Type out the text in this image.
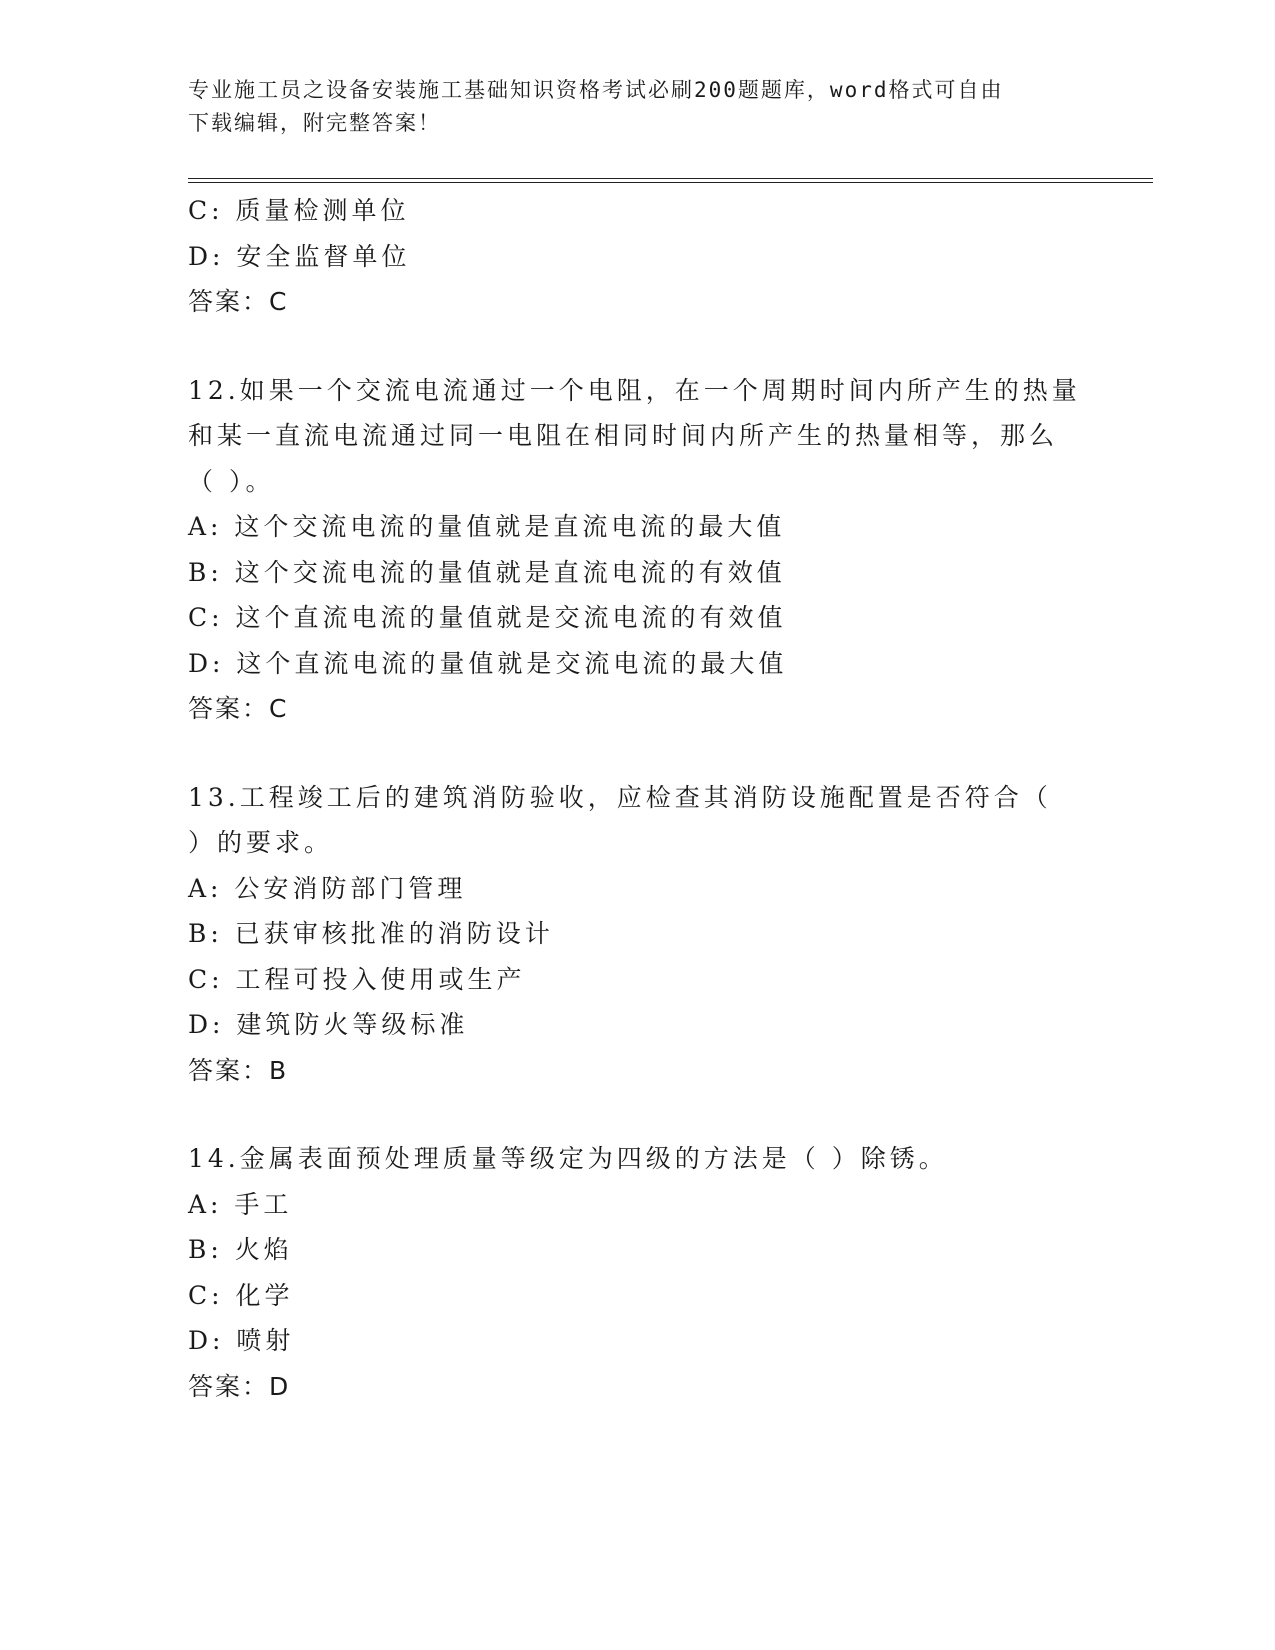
专业施工员之设备安装施工基础知识资格考试必刷200题题库，word格式可自由
下载编辑，附完整答案！
C: 质量检测单位
D: 安全监督单位
答案：C
12.如果一个交流电流通过一个电阻，在一个周期时间内所产生的热量
和某一直流电流通过同一电阻在相同时间内所产生的热量相等，那么
（ ）。
A: 这个交流电流的量值就是直流电流的最大值
B: 这个交流电流的量值就是直流电流的有效值
C: 这个直流电流的量值就是交流电流的有效值
D: 这个直流电流的量值就是交流电流的最大值
答案：C
13.工程竣工后的建筑消防验收，应检查其消防设施配置是否符合（
）的要求。
A: 公安消防部门管理
B: 已获审核批准的消防设计
C: 工程可投入使用或生产
D: 建筑防火等级标准
答案：B
14.金属表面预处理质量等级定为四级的方法是（ ）除锈。
A: 手工
B: 火焰
C: 化学
D: 喷射
答案：D
